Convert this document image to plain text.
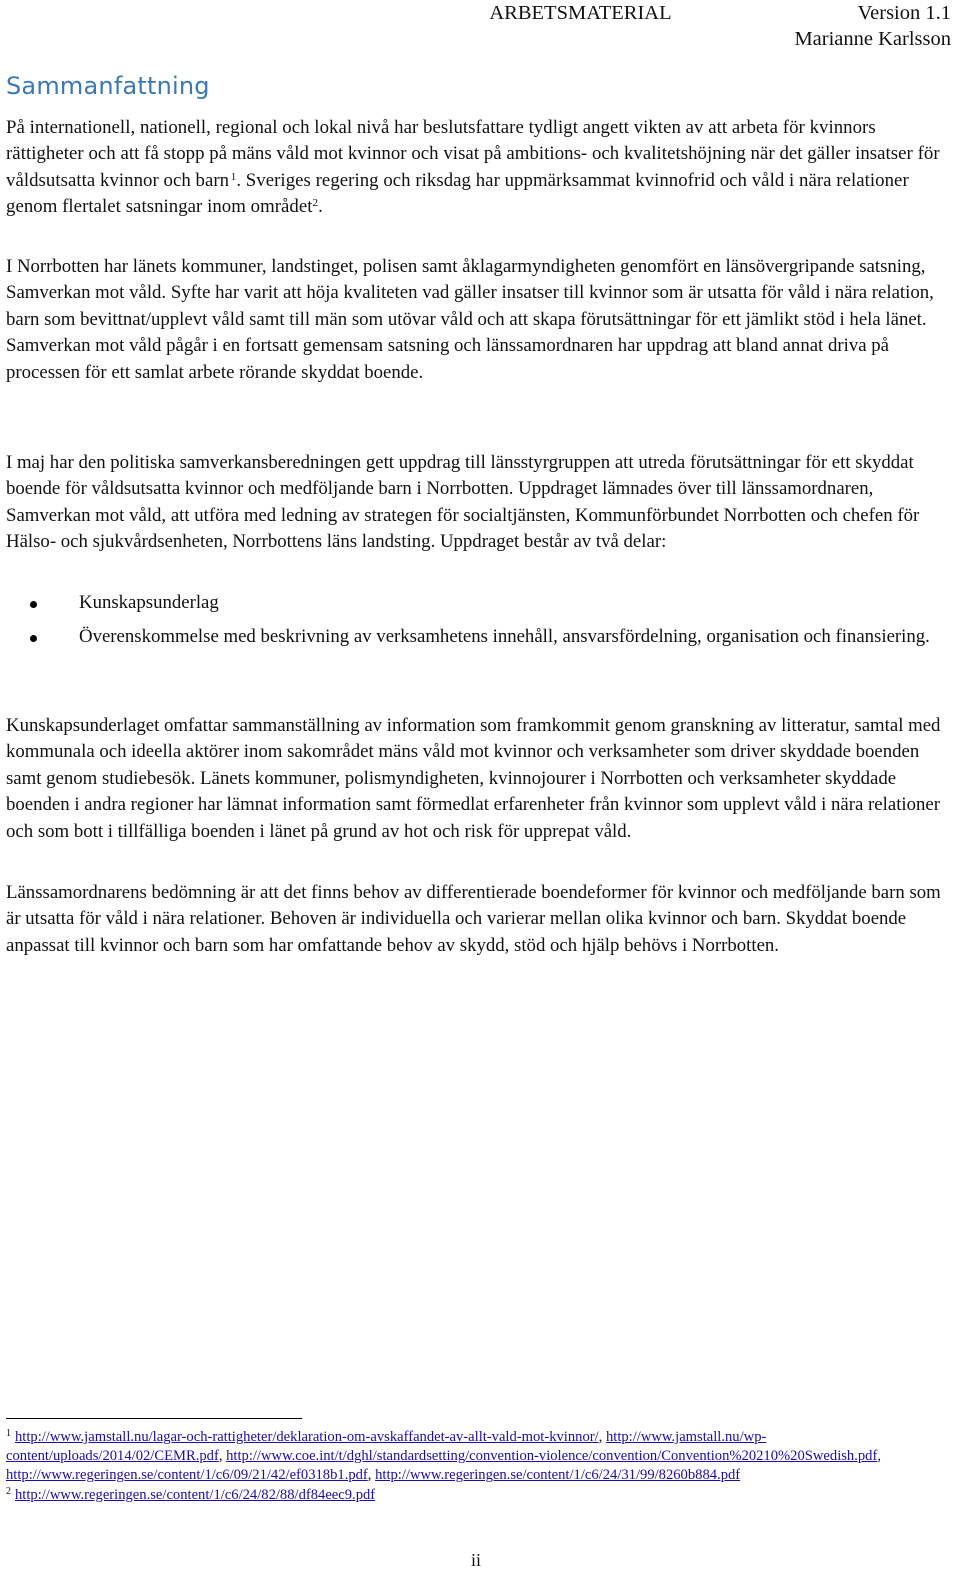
ARBETSMATERIAL	Version 1.1
Marianne Karlsson
Sammanfattning

På internationell, nationell, regional och lokal nivå har beslutsfattare tydligt angett vikten av att arbeta för kvinnors rättigheter och att få stopp på mäns våld mot kvinnor och visat på ambitions- och kvalitetshöjning när det gäller insatser för våldsutsatta kvinnor och barn  $^1$. Sveriges regering och riksdag har uppmärksammat kvinnofrid och våld i nära relationer genom flertalet satsningar inom området$^2$.

I Norrbotten har länets kommuner, landstinget, polisen samt åklagarmyndigheten genomfört en länsövergripande satsning, Samverkan mot våld. Syfte har varit att höja kvaliteten vad gäller insatser till kvinnor som är utsatta för våld i nära relation, barn som bevittnat/upplevt våld samt till män som utövar våld och att skapa förutsättningar för ett jämlikt stöd i hela länet. Samverkan mot våld pågår i en fortsatt gemensam satsning och länssamordnaren har uppdrag att bland annat driva på processen för ett samlat arbete rörande skyddat boende.

I maj har den politiska samverkansberedningen gett uppdrag till länsstyrgruppen att utreda förutsättningar för ett skyddat boende för våldsutsatta kvinnor och medföljande barn i Norrbotten. Uppdraget lämnades över till länssamordnaren, Samverkan mot våld, att utföra med ledning av strategen för socialtjänsten, Kommunförbundet Norrbotten och chefen för Hälso- och sjukvårdsenheten, Norrbottens läns landsting. Uppdraget består av två delar:

Kunskapsunderlag
Överenskommelse med beskrivning av verksamhetens innehåll, ansvarsfördelning, organisation och finansiering.

Kunskapsunderlaget omfattar sammanställning av information som framkommit genom granskning av litteratur, samtal med kommunala och ideella aktörer inom sakområdet mäns våld mot kvinnor och verksamheter som driver skyddade boenden samt genom studiebesök. Länets kommuner, polismyndigheten, kvinnojourer i Norrbotten och verksamheter skyddade boenden i andra regioner har lämnat information samt förmedlat erfarenheter från kvinnor som upplevt våld i nära relationer och som bott i tillfälliga boenden i länet på grund av hot och risk för upprepat våld.

Länssamordnarens bedömning är att det finns behov av differentierade boendeformer för kvinnor och medföljande barn som är utsatta för våld i nära relationer. Behoven är individuella och varierar mellan olika kvinnor och barn. Skyddat boende anpassat till kvinnor och barn som har omfattande behov av skydd, stöd och hjälp behövs i Norrbotten.

$^1$ http://www.jamstall.nu/lagar-och-rattigheter/deklaration-om-avskaffandet-av-allt-vald-mot-kvinnor/, http://www.jamstall.nu/wp-content/uploads/2014/02/CEMR.pdf, http://www.coe.int/t/dghl/standardsetting/convention-violence/convention/Convention%20210%20Swedish.pdf, http://www.regeringen.se/content/1/c6/09/21/42/ef0318b1.pdf, http://www.regeringen.se/content/1/c6/24/31/99/8260b884.pdf
$^2$ http://www.regeringen.se/content/1/c6/24/82/88/df84eec9.pdf
ii
